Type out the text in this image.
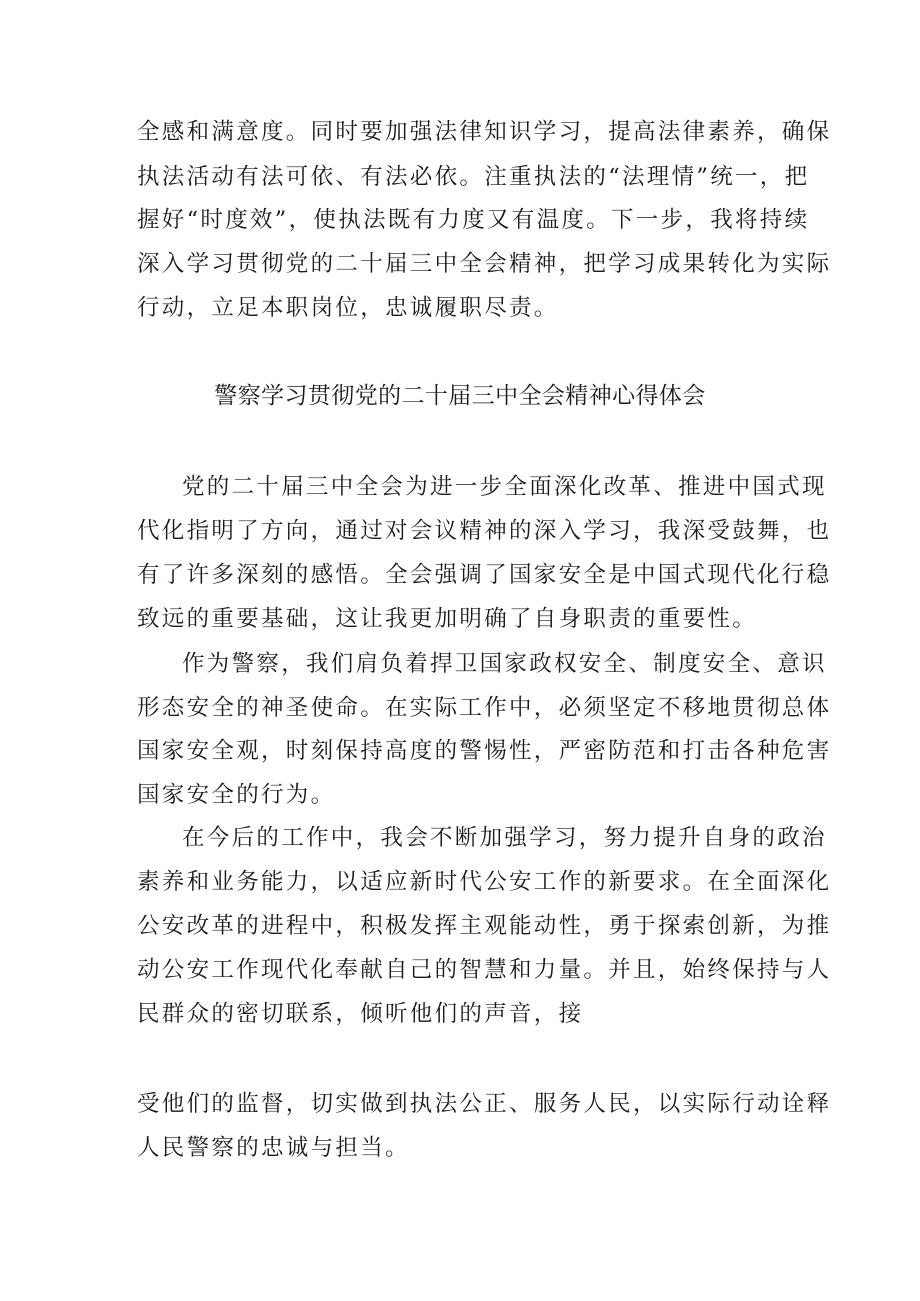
全感和满意度。同时要加强法律知识学习，提高法律素养，确保
执法活动有法可依、有法必依。注重执法的“法理情”统一，把
握好“时度效”，使执法既有力度又有温度。下一步，我将持续
深入学习贯彻党的二十届三中全会精神，把学习成果转化为实际
行动，立足本职岗位，忠诚履职尽责。
警察学习贯彻党的二十届三中全会精神心得体会
党的二十届三中全会为进一步全面深化改革、推进中国式现
代化指明了方向，通过对会议精神的深入学习，我深受鼓舞，也
有了许多深刻的感悟。全会强调了国家安全是中国式现代化行稳
致远的重要基础，这让我更加明确了自身职责的重要性。
作为警察，我们肩负着捍卫国家政权安全、制度安全、意识
形态安全的神圣使命。在实际工作中，必须坚定不移地贯彻总体
国家安全观，时刻保持高度的警惕性，严密防范和打击各种危害
国家安全的行为。
在今后的工作中，我会不断加强学习，努力提升自身的政治
素养和业务能力，以适应新时代公安工作的新要求。在全面深化
公安改革的进程中，积极发挥主观能动性，勇于探索创新，为推
动公安工作现代化奉献自己的智慧和力量。并且，始终保持与人
民群众的密切联系，倾听他们的声音，接
受他们的监督，切实做到执法公正、服务人民，以实际行动诠释
人民警察的忠诚与担当。
